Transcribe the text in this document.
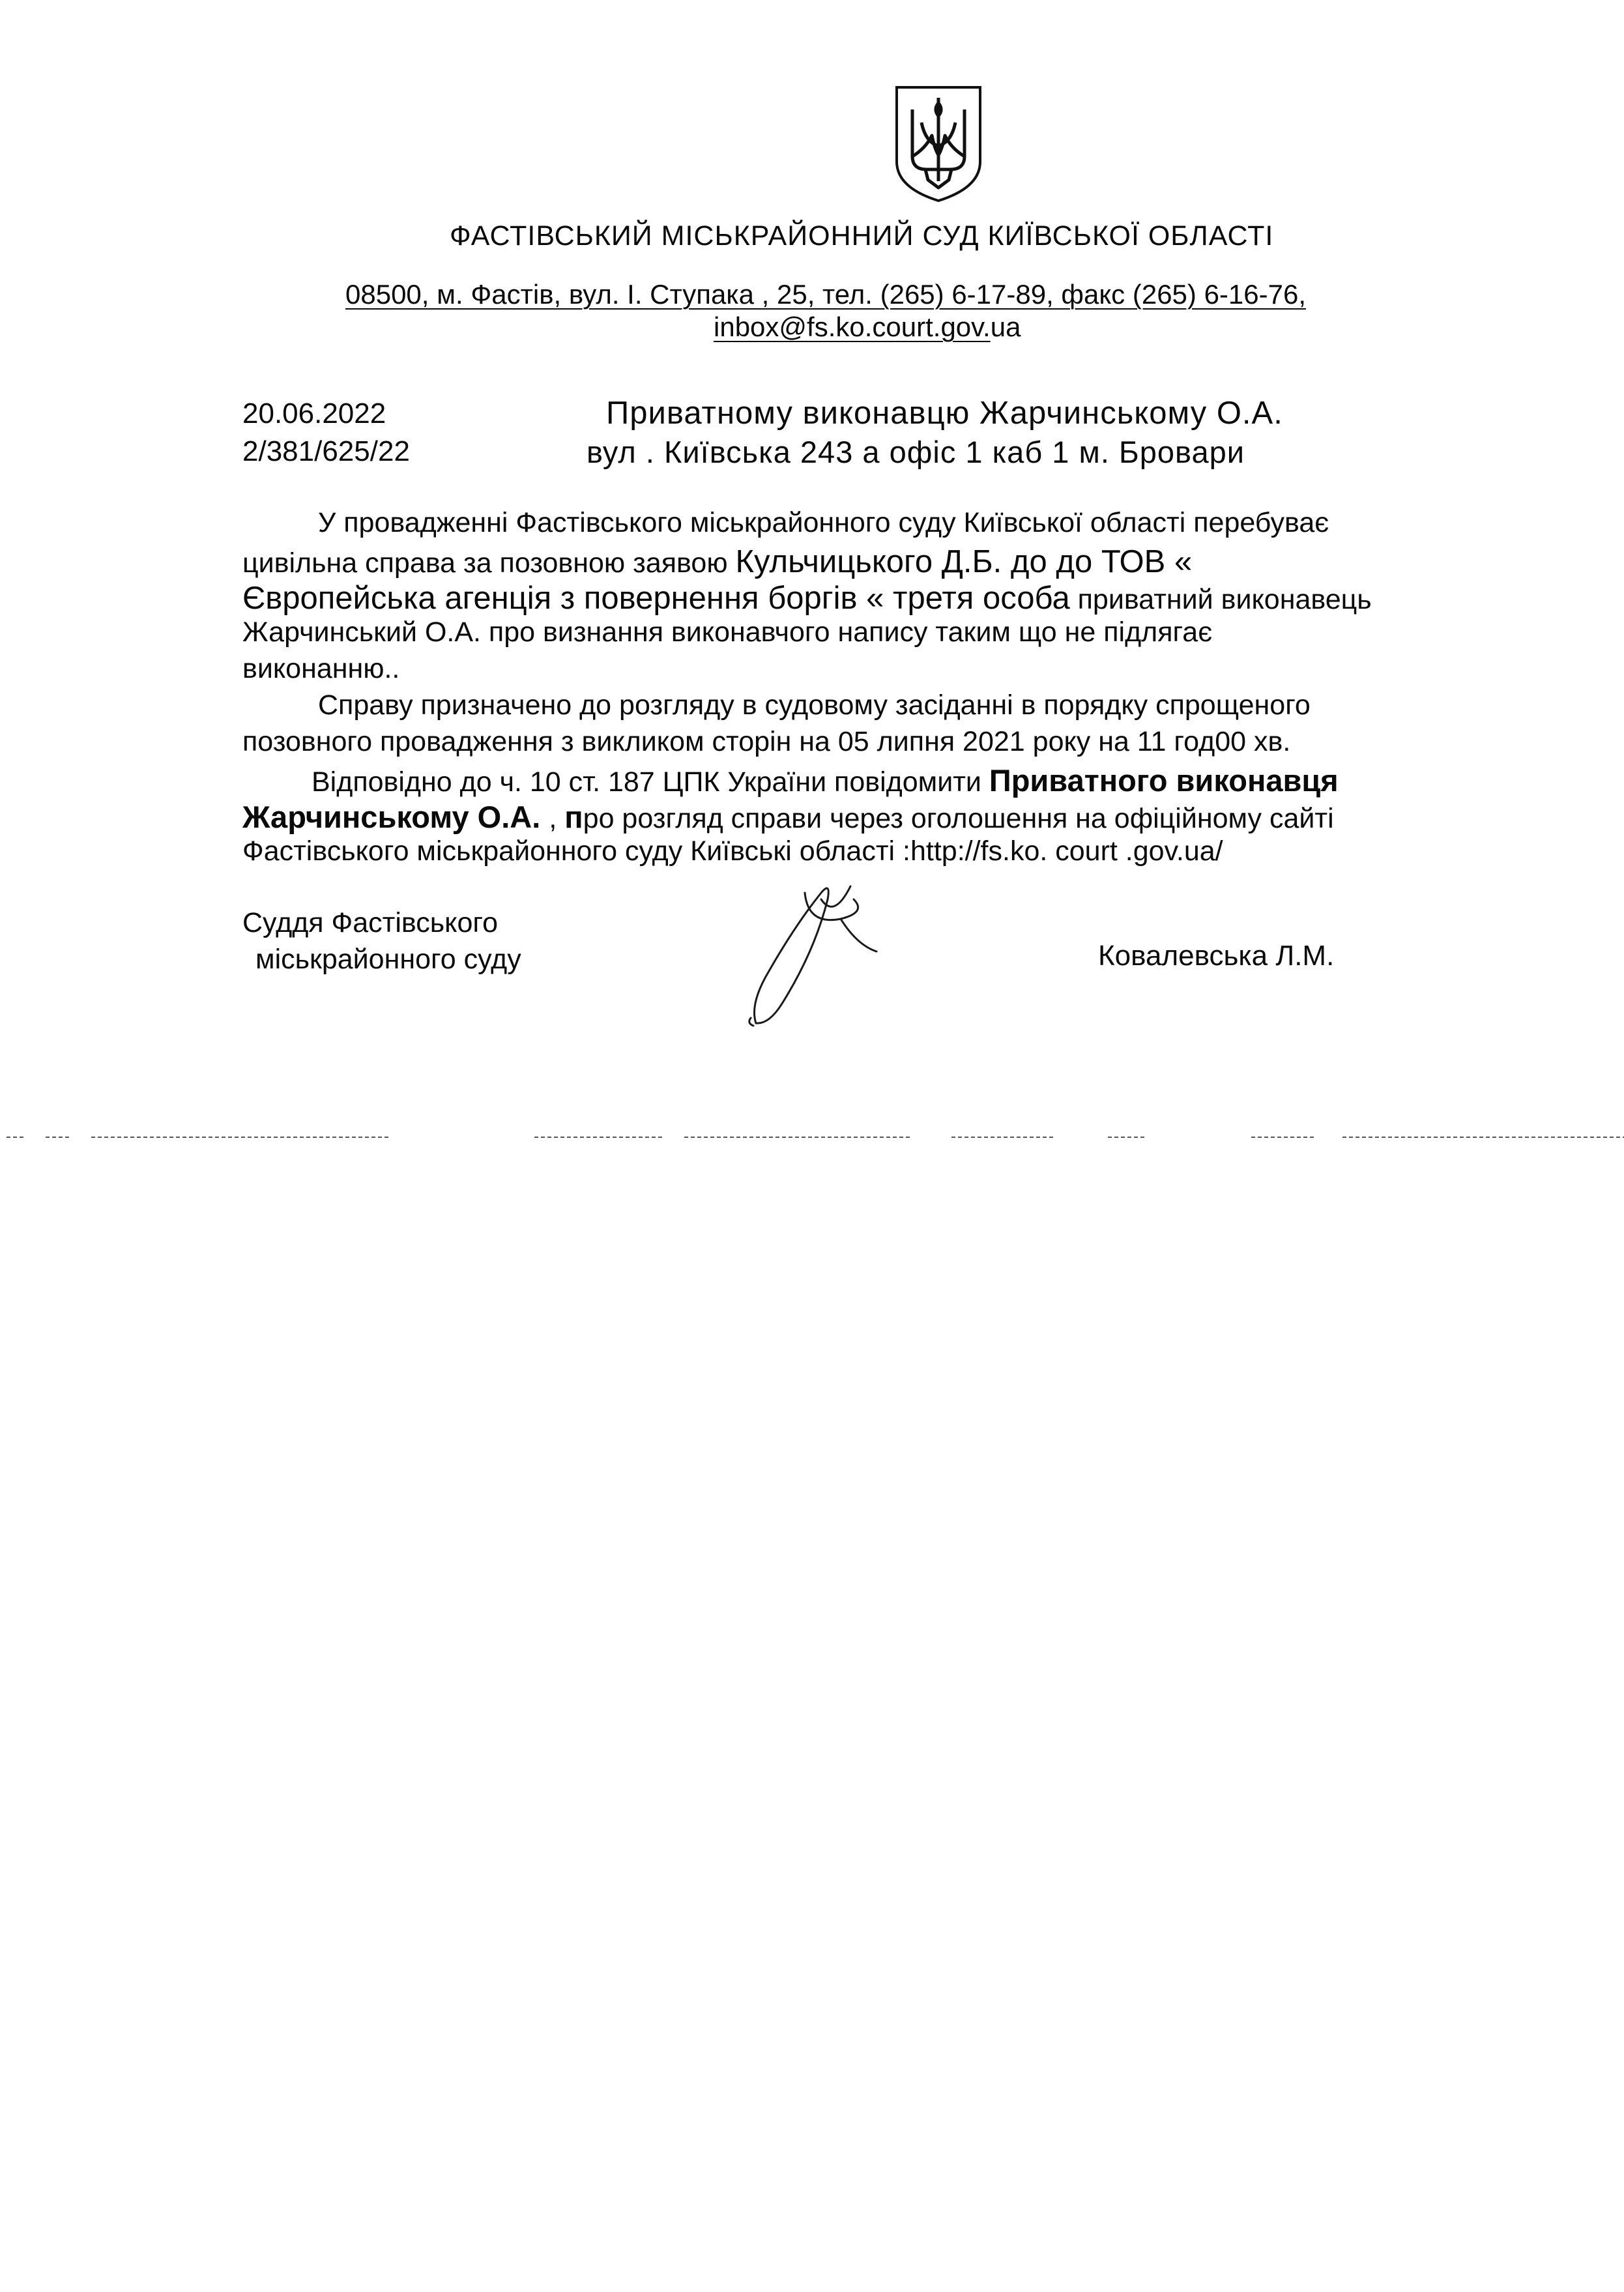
ФАСТІВСЬКИЙ МІСЬКРАЙОННИЙ СУД КИЇВСЬКОЇ ОБЛАСТІ
08500, м. Фастів, вул. І. Ступака , 25, тел. (265) 6-17-89, факс (265) 6-16-76,
inbox@fs.ko.court.gov.ua
20.06.2022
2/381/625/22
Приватному виконавцю Жарчинському О.А.
вул . Київська 243 а офіс 1 каб 1 м. Бровари
У провадженні Фастівського міськрайонного суду Київської області перебуває
цивільна справа за позовною заявою Кульчицького Д.Б. до до ТОВ «
Європейська агенція з повернення боргів « третя особа приватний виконавець
Жарчинський О.А. про визнання виконавчого напису таким що не підлягає
виконанню..
Справу призначено до розгляду в судовому засіданні в порядку спрощеного
позовного провадження з викликом сторін на 05 липня 2021 року на 11 год00 хв.
Відповідно до ч. 10 ст. 187 ЦПК України повідомити Приватного виконавця
Жарчинському О.А. , про розгляд справи через оголошення на офіційному сайті
Фастівського міськрайонного суду Київські області :http://fs.ko. court .gov.ua/
Суддя Фастівського
міськрайонного суду	Ковалевська Л.М.
